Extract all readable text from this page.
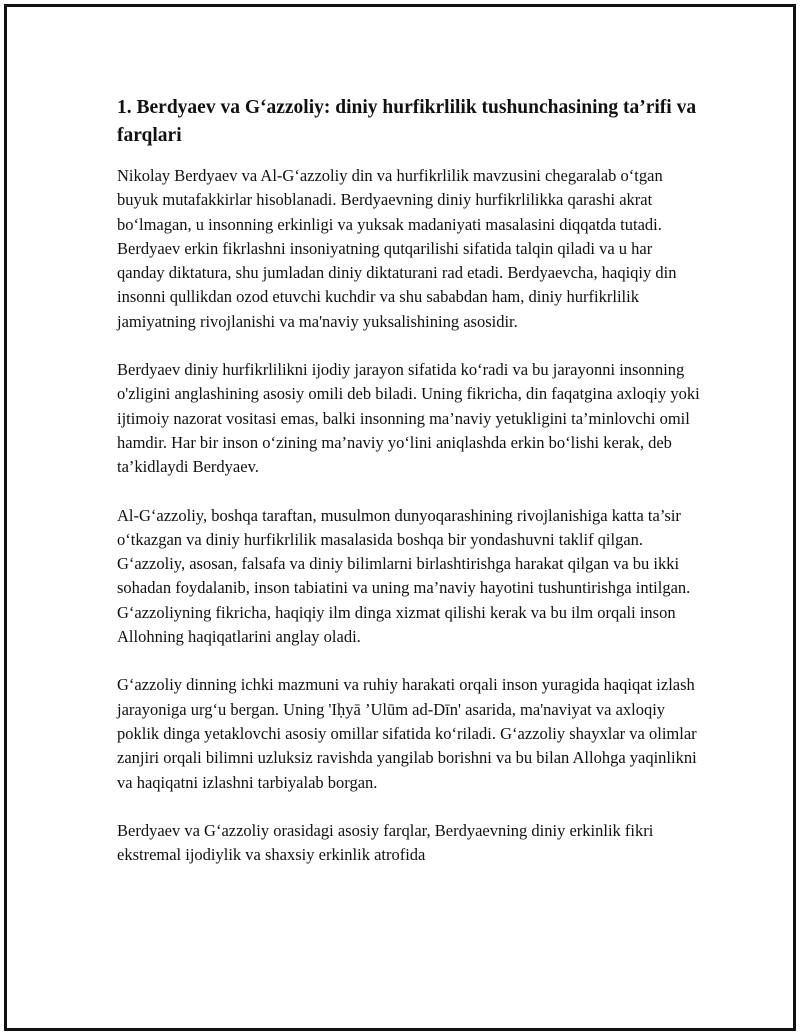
1. Berdyaev va G‘azzoliy: diniy hurfikrlilik tushunchasining ta’rifi va farqlari

Nikolay Berdyaev va Al-G‘azzoliy din va hurfikrlilik mavzusini chegaralab o‘tgan buyuk mutafakkirlar hisoblanadi. Berdyaevning diniy hurfikrlilikka qarashi akrat bo‘lmagan, u insonning erkinligi va yuksak madaniyati masalasini diqqatda tutadi. Berdyaev erkin fikrlashni insoniyatning qutqarilishi sifatida talqin qiladi va u har qanday diktatura, shu jumladan diniy diktaturani rad etadi. Berdyaevcha, haqiqiy din insonni qullikdan ozod etuvchi kuchdir va shu sababdan ham, diniy hurfikrlilik jamiyatning rivojlanishi va ma'naviy yuksalishining asosidir.

Berdyaev diniy hurfikrlilikni ijodiy jarayon sifatida ko‘radi va bu jarayonni insonning o'zligini anglashining asosiy omili deb biladi. Uning fikricha, din faqatgina axloqiy yoki ijtimoiy nazorat vositasi emas, balki insonning ma’naviy yetukligini ta’minlovchi omil hamdir. Har bir inson o‘zining ma’naviy yo‘lini aniqlashda erkin bo‘lishi kerak, deb ta’kidlaydi Berdyaev.

Al-G‘azzoliy, boshqa taraftan, musulmon dunyoqarashining rivojlanishiga katta ta’sir o‘tkazgan va diniy hurfikrlilik masalasida boshqa bir yondashuvni taklif qilgan. G‘azzoliy, asosan, falsafa va diniy bilimlarni birlashtirishga harakat qilgan va bu ikki sohadan foydalanib, inson tabiatini va uning ma’naviy hayotini tushuntirishga intilgan. G‘azzoliyning fikricha, haqiqiy ilm dinga xizmat qilishi kerak va bu ilm orqali inson Allohning haqiqatlarini anglay oladi.

G‘azzoliy dinning ichki mazmuni va ruhiy harakati orqali inson yuragida haqiqat izlash jarayoniga urg‘u bergan. Uning 'Iḥyā ’Ulūm ad-Dīn' asarida, ma'naviyat va axloqiy poklik dinga yetaklovchi asosiy omillar sifatida ko‘riladi. G‘azzoliy shayxlar va olimlar zanjiri orqali bilimni uzluksiz ravishda yangilab borishni va bu bilan Allohga yaqinlikni va haqiqatni izlashni tarbiyalab borgan.

Berdyaev va G‘azzoliy orasidagi asosiy farqlar, Berdyaevning diniy erkinlik fikri ekstremal ijodiylik va shaxsiy erkinlik atrofida
